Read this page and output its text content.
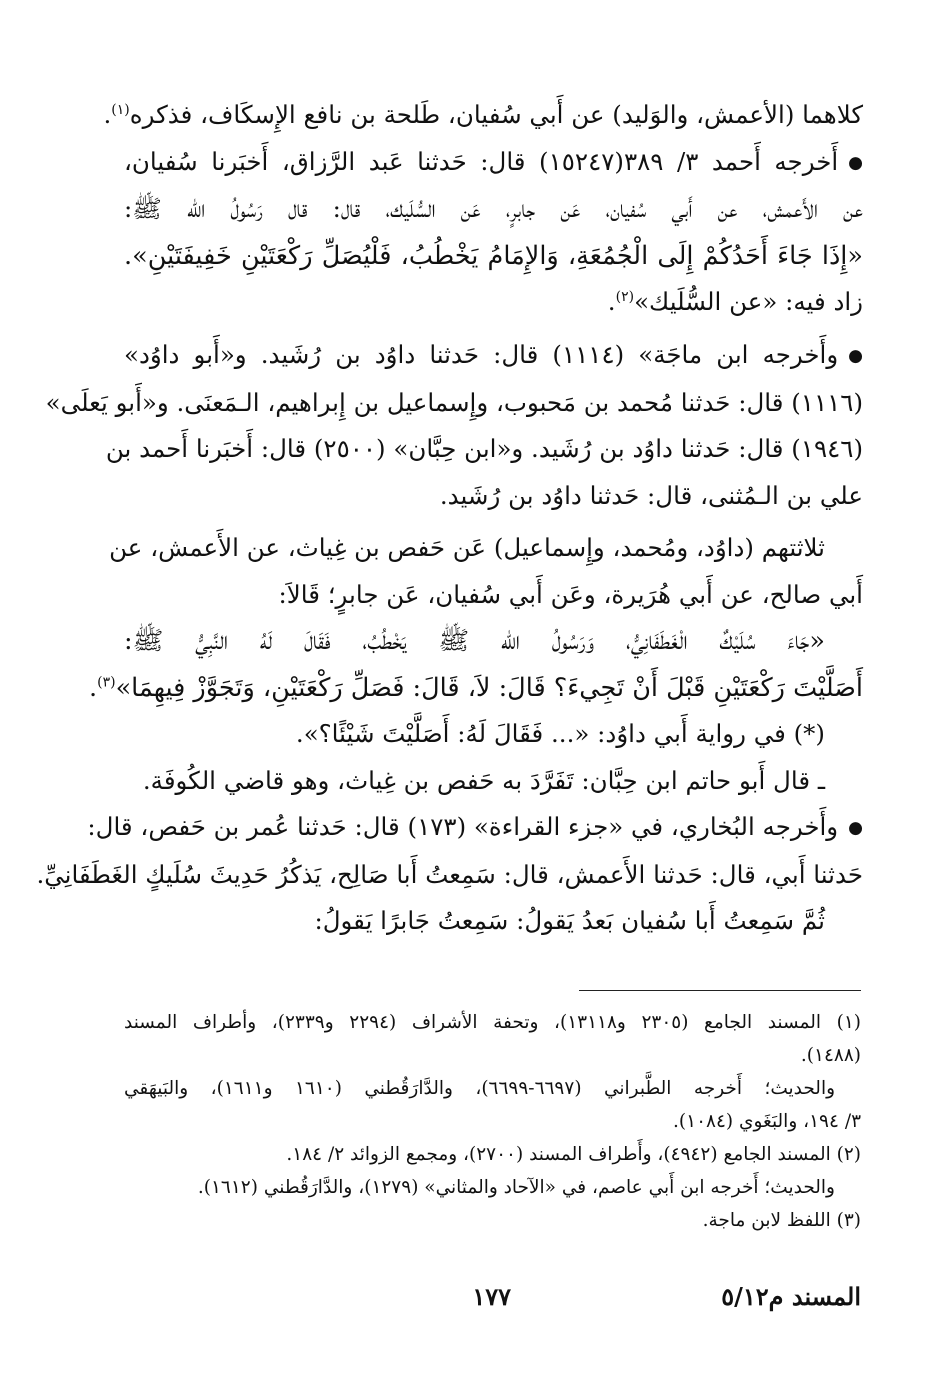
كلاهما (الأعمش، والوَليد) عن أَبي سُفيان، طَلحة بن نافع الإِسكَاف، فذكره$^{(١)}$.
●أَخرجه أَحمد ٣/ ٣٨٩(١٥٢٤٧) قال: حَدثنا عَبد الرَّزاق، أَخبَرنا سُفيان،
عن الأَعمش، عن أَبي سُفيان، عَن جابرٍ، عَن السُّلَيك، قال: قال رَسُولُ الله ﷺ:
«إِذَا جَاءَ أَحَدُكُمْ إِلَى الْجُمُعَةِ، وَالإِمَامُ يَخْطُبُ، فَلْيُصَلِّ رَكْعَتَيْنِ خَفِيفَتَيْنِ».
زاد فيه: «عن السُّلَيك»$^{(٢)}$.
●وأَخرجه ابن ماجَة» (١١١٤) قال: حَدثنا داوُد بن رُشَيد. و«أَبو داوُد»
(١١١٦) قال: حَدثنا مُحمد بن مَحبوب، وإِسماعيل بن إِبراهيم، الـمَعنَى. و«أَبو يَعلَى»
(١٩٤٦) قال: حَدثنا داوُد بن رُشَيد. و«ابن حِبَّان» (٢٥٠٠) قال: أَخبَرنا أَحمد بن
علي بن الـمُثنى، قال: حَدثنا داوُد بن رُشَيد.
ثلاثتهم (داوُد، ومُحمد، وإِسماعيل) عَن حَفص بن غِياث، عن الأَعمش، عن
أَبي صالح، عن أَبي هُرَيرة، وعَن أَبي سُفيان، عَن جابرٍ؛ قَالاَ:
«جَاءَ سُلَيْكٌ الْغَطَفَانِيُّ، وَرَسُولُ الله ﷺ يَخْطُبُ، فَقَالَ لَهُ النَّبِيُّ ﷺ:
أَصَلَّيْتَ رَكْعَتَيْنِ قَبْلَ أَنْ تَجِيءَ؟ قَالَ: لاَ، قَالَ: فَصَلِّ رَكْعَتَيْنِ، وَتَجَوَّزْ فِيهِمَا»$^{(٣)}$.
(*) في رواية أَبي داوُد: «... فَقَالَ لَهُ: أَصَلَّيْتَ شَيْئًا؟».
ـ قال أَبو حاتم ابن حِبَّان: تَفَرَّدَ به حَفص بن غِياث، وهو قاضي الكُوفَة.
●وأَخرجه البُخاري، في «جزء القراءة» (١٧٣) قال: حَدثنا عُمر بن حَفص، قال:
حَدثنا أَبي، قال: حَدثنا الأَعمش، قال: سَمِعتُ أَبا صَالِح، يَذكُرُ حَدِيثَ سُلَيكٍ الغَطَفَانِيِّ.
ثُمَّ سَمِعتُ أَبا سُفيان بَعدُ يَقولُ: سَمِعتُ جَابرًا يَقولُ:
(١) المسند الجامع (٢٣٠٥ و١٣١١٨)، وتحفة الأشراف (٢٢٩٤ و٢٣٣٩)، وأطراف المسند
(١٤٨٨).
والحديث؛ أَخرجه الطَّبراني (٦٦٩٧-٦٦٩٩)، والدَّارَقُطني (١٦١٠ و١٦١١)، والبَيهَقي
٣/ ١٩٤، والبَغَوي (١٠٨٤).
(٢) المسند الجامع (٤٩٤٢)، وأَطراف المسند (٢٧٠٠)، ومجمع الزوائد ٢/ ١٨٤.
والحديث؛ أَخرجه ابن أَبي عاصم، في «الآحاد والمثاني» (١٢٧٩)، والدَّارَقُطني (١٦١٢).
(٣) اللفظ لابن ماجة.
المسند م٥/١٢
١٧٧
